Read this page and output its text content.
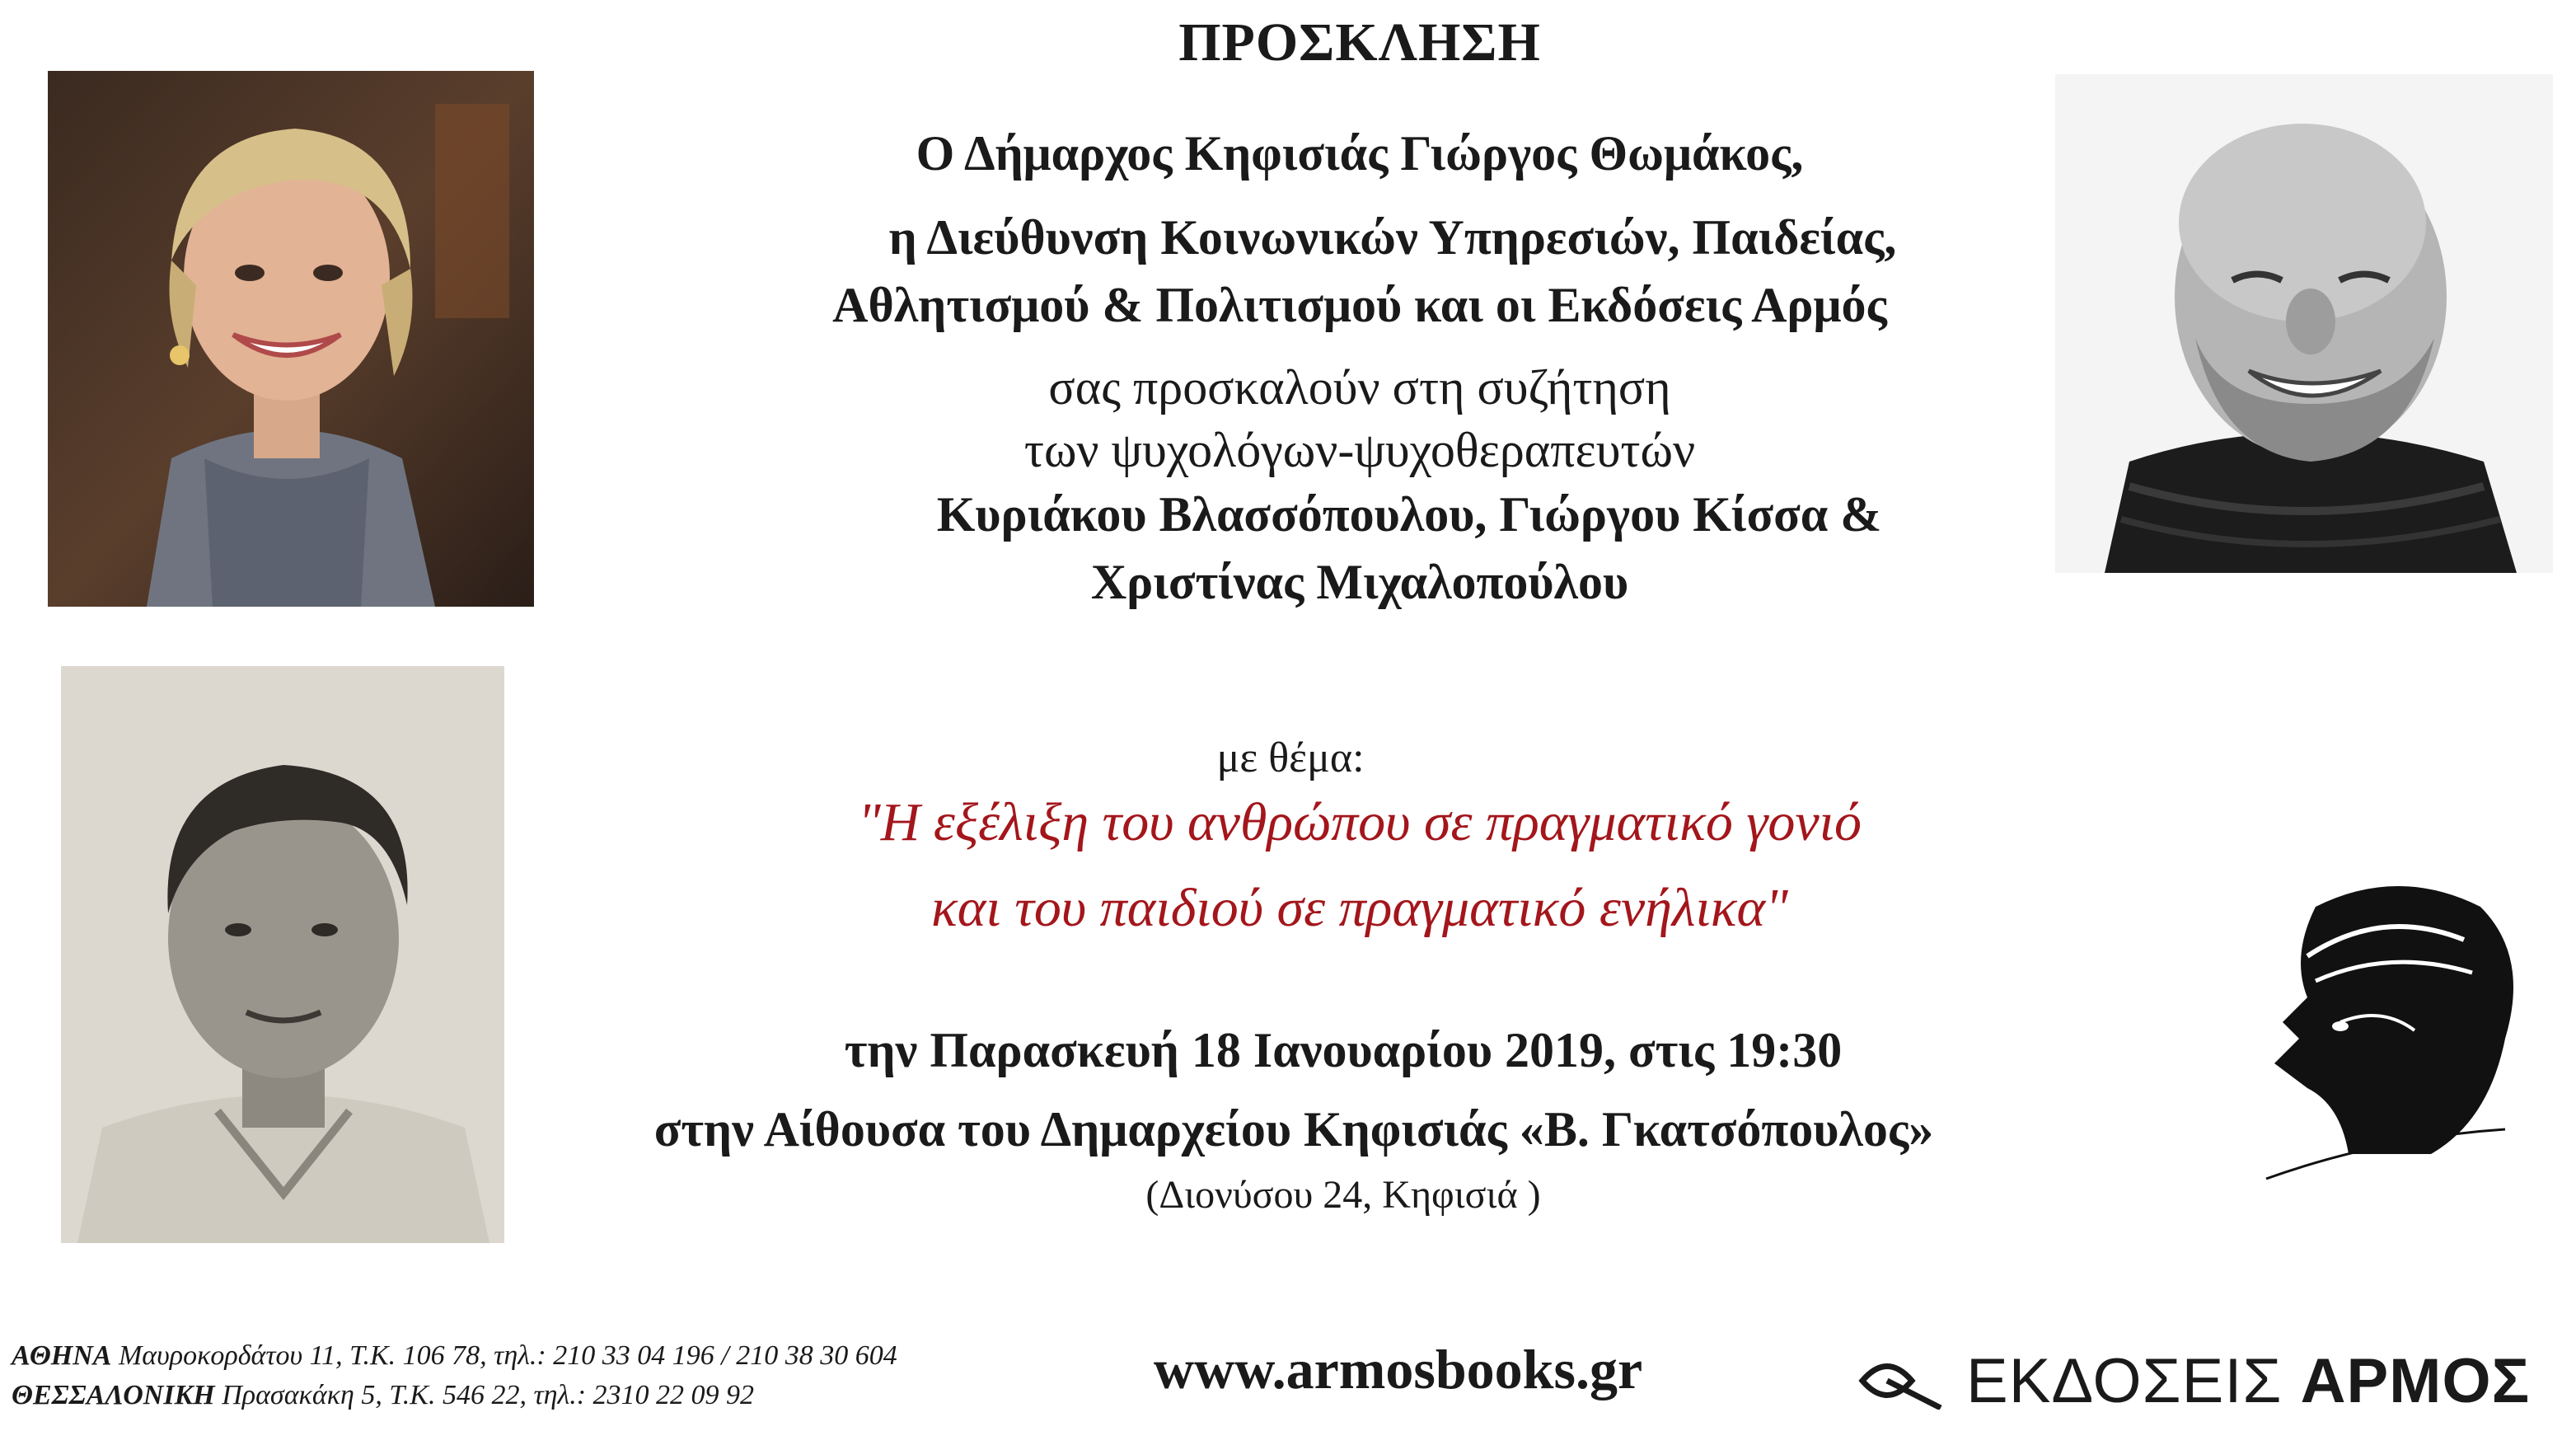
ΠΡΟΣΚΛΗΣΗ
Ο Δήμαρχος Κηφισιάς Γιώργος Θωμάκος,
η Διεύθυνση Κοινωνικών Υπηρεσιών, Παιδείας,
Αθλητισμού & Πολιτισμού και οι Εκδόσεις Αρμός
σας προσκαλούν στη συζήτηση
των ψυχολόγων-ψυχοθεραπευτών
Κυριάκου Βλασσόπουλου, Γιώργου Κίσσα &
Χριστίνας Μιχαλοπούλου
με θέμα:
"Η εξέλιξη του ανθρώπου σε πραγματικό γονιό
και του παιδιού σε πραγματικό ενήλικα"
την Παρασκευή 18 Ιανουαρίου 2019, στις 19:30
στην Αίθουσα του Δημαρχείου Κηφισιάς «Β. Γκατσόπουλος»
(Διονύσου 24, Κηφισιά )
ΑΘΗΝΑ Μαυροκορδάτου 11, Τ.Κ. 106 78, τηλ.: 210 33 04 196 / 210 38 30 604
ΘΕΣΣΑΛΟΝΙΚΗ Πρασακάκη 5, Τ.Κ. 546 22, τηλ.: 2310 22 09 92	www.armosbooks.gr	ΕΚΔΟΣΕΙΣ ΑΡΜΟΣ
